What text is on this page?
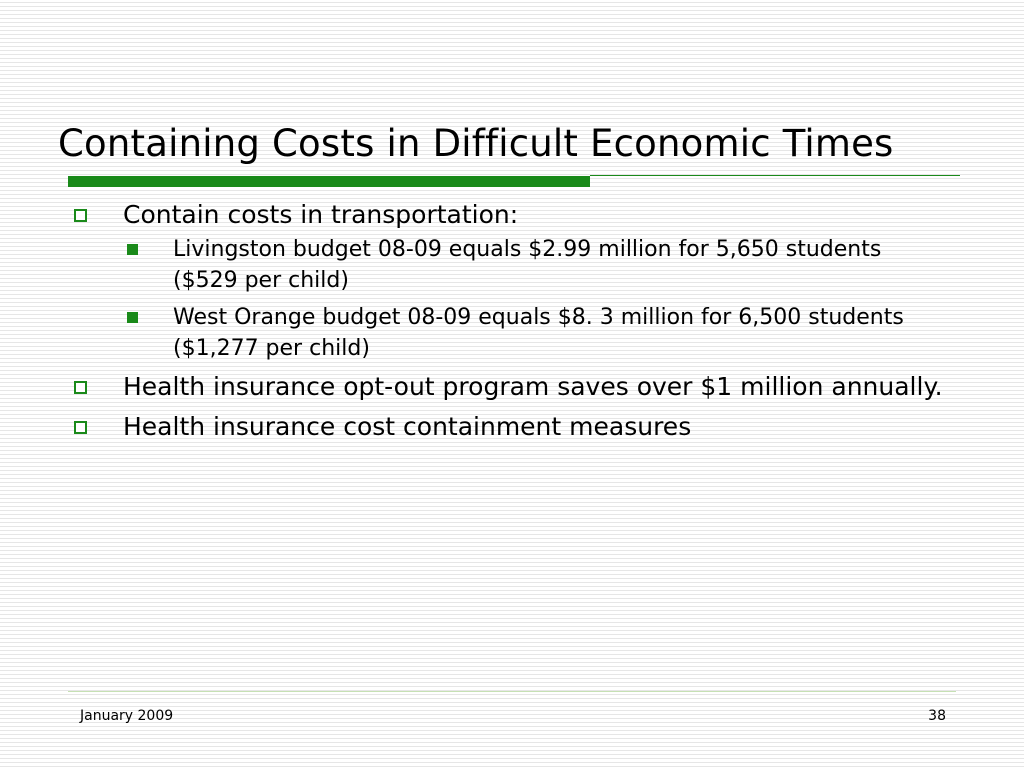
Containing Costs in Difficult Economic Times
Contain costs in transportation:
Livingston budget 08-09 equals $2.99 million for 5,650 students ($529 per child)
West Orange budget 08-09 equals $8. 3 million for 6,500 students ($1,277 per child)
Health insurance opt-out program saves over $1 million annually.
Health insurance cost containment measures
January 2009	38
